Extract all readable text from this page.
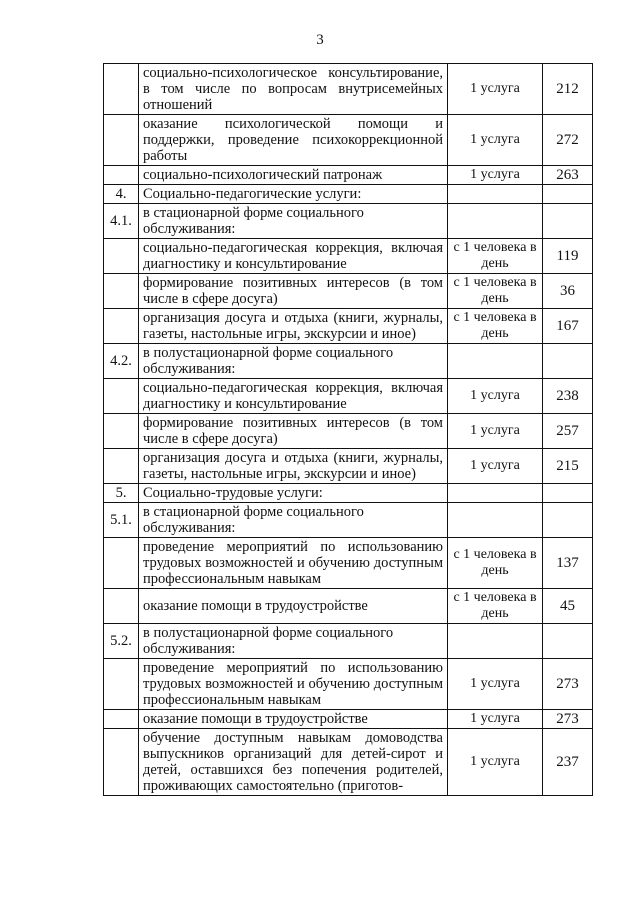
3
	социально-психологическое консультирование, в том числе по вопросам внутрисемейных отношений	1 услуга	212
	оказание психологической помощи и поддержки, проведение психокоррекционной работы	1 услуга	272
	социально-психологический патронаж	1 услуга	263
4.	Социально-педагогические услуги:		
4.1.	в стационарной форме социального обслуживания:		
	социально-педагогическая коррекция, включая диагностику и консультирование	с 1 человека в день	119
	формирование позитивных интересов (в том числе в сфере досуга)	с 1 человека в день	36
	организация досуга и отдыха (книги, журналы, газеты, настольные игры, экскурсии и иное)	с 1 человека в день	167
4.2.	в полустационарной форме социального обслуживания:		
	социально-педагогическая коррекция, включая диагностику и консультирование	1 услуга	238
	формирование позитивных интересов (в том числе в сфере досуга)	1 услуга	257
	организация досуга и отдыха (книги, журналы, газеты, настольные игры, экскурсии и иное)	1 услуга	215
5.	Социально-трудовые услуги:		
5.1.	в стационарной форме социального обслуживания:		
	проведение мероприятий по использованию трудовых возможностей и обучению доступным профессиональным навыкам	с 1 человека в день	137
	оказание помощи в трудоустройстве	с 1 человека в день	45
5.2.	в полустационарной форме социального обслуживания:		
	проведение мероприятий по использованию трудовых возможностей и обучению доступным профессиональным навыкам	1 услуга	273
	оказание помощи в трудоустройстве	1 услуга	273
	обучение доступным навыкам домоводства выпускников организаций для детей-сирот и детей, оставшихся без попечения родителей, проживающих самостоятельно (приготов-	1 услуга	237
